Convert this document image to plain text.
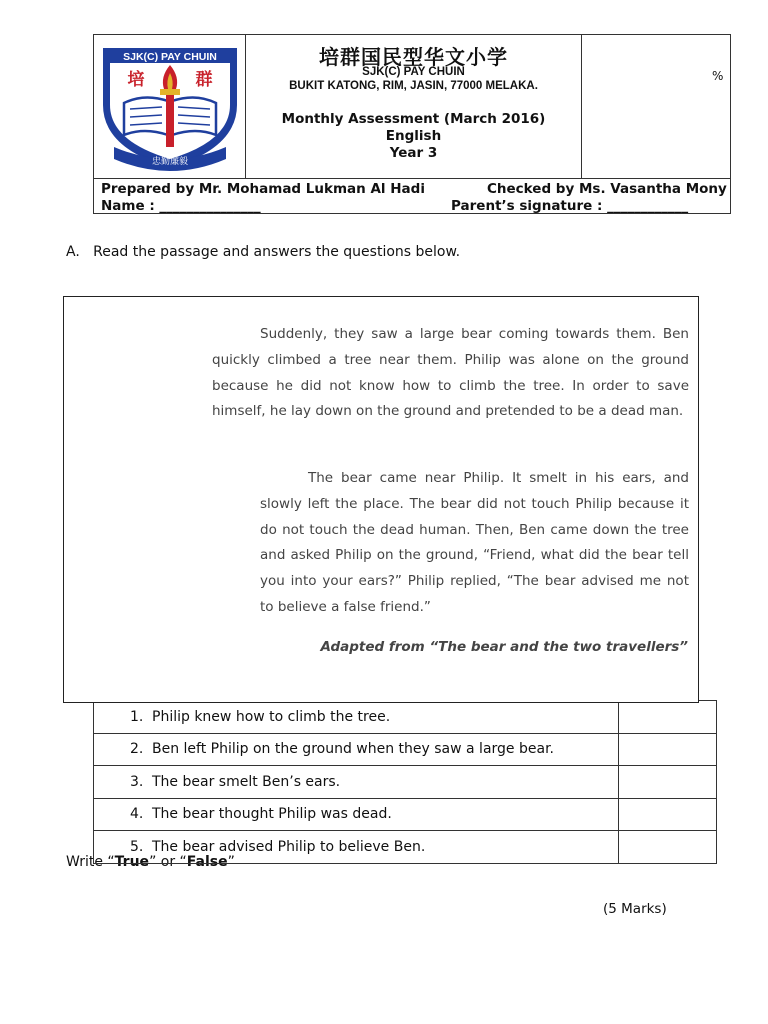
SJK(C) PAY CHUIN
培	群
忠勤廉毅
培群国民型华文小学
SJK(C) PAY CHUIN
BUKIT KATONG, RIM, JASIN, 77000 MELAKA.
Monthly Assessment (March 2016)
English
Year 3
%
Prepared by Mr. Mohamad Lukman Al Hadi	Checked by Ms. Vasantha Mony
Name : _______________	Parent’s signature : ____________
A.   Read the passage and answers the questions below.

Suddenly, they saw a large bear coming towards them. Ben quickly climbed a tree near them. Philip was alone on the ground because he did not know how to climb the tree. In order to save himself, he lay down on the ground and pretended to be a dead man.

The bear came near Philip. It smelt in his ears, and slowly left the place. The bear did not touch Philip because it do not touch the dead human. Then, Ben came down the tree and asked Philip on the ground, “Friend, what did the bear tell you into your ears?” Philip replied, “The bear advised me not to believe a false friend.”

Adapted from “The bear and the two travellers”
1. Philip knew how to climb the tree.	
2. Ben left Philip on the ground when they saw a large bear.	
3. The bear smelt Ben’s ears.	
4. The bear thought Philip was dead.	
5. The bear advised Philip to believe Ben.	
Write “True” or “False”
(5 Marks)
